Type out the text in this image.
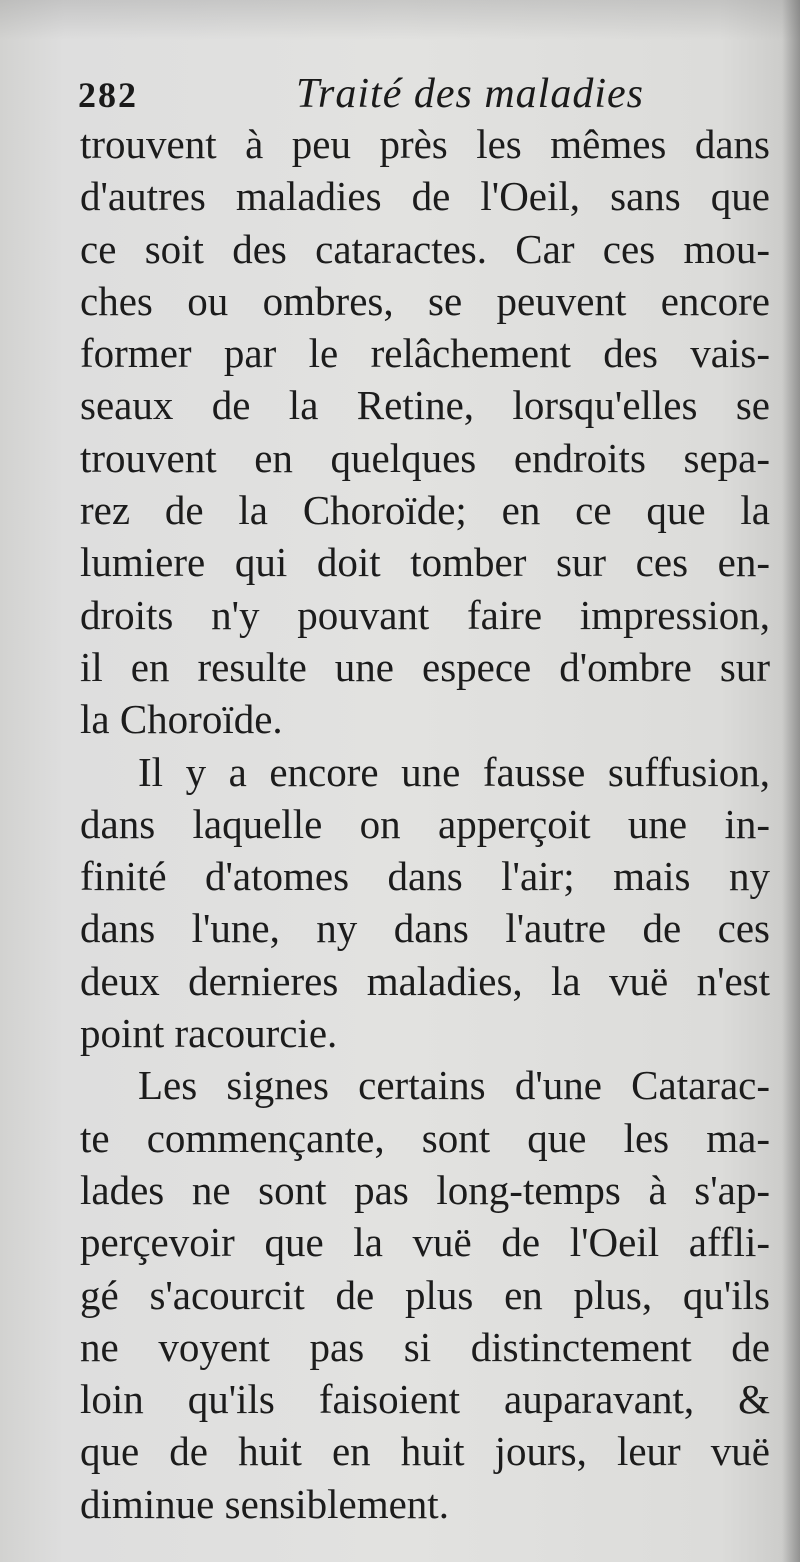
282	Traité des maladies
trouvent à peu près les mêmes dans
d'autres maladies de l'Oeil, sans que
ce soit des cataractes. Car ces mou-
ches ou ombres, se peuvent encore
former par le relâchement des vais-
seaux de la Retine, lorsqu'elles se
trouvent en quelques endroits sepa-
rez de la Choroïde; en ce que la
lumiere qui doit tomber sur ces en-
droits n'y pouvant faire impression,
il en resulte une espece d'ombre sur
la Choroïde.
Il y a encore une fausse suffusion,
dans laquelle on apperçoit une in-
finité d'atomes dans l'air; mais ny
dans l'une, ny dans l'autre de ces
deux dernieres maladies, la vuë n'est
point racourcie.
Les signes certains d'une Catarac-
te commençante, sont que les ma-
lades ne sont pas long-temps à s'ap-
perçevoir que la vuë de l'Oeil affli-
gé s'acourcit de plus en plus, qu'ils
ne voyent pas si distinctement de
loin qu'ils faisoient auparavant, &
que de huit en huit jours, leur vuë
diminue sensiblement.
